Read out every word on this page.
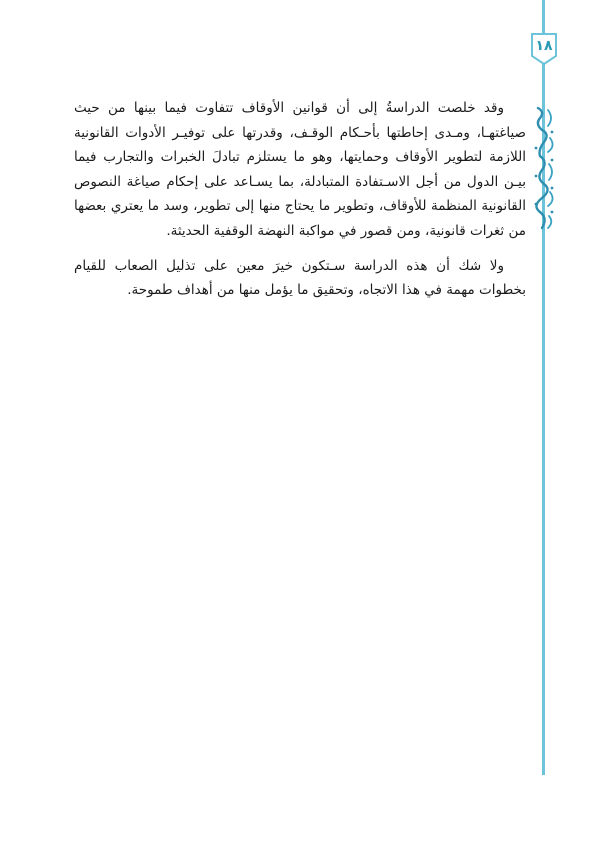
١٨

وقد خلصت الدراسةُ إلى أن قوانين الأوقاف تتفاوت فيما بينها من حيث صياغتهـا، ومـدى إحاطتها بأحـكام الوقـف، وقدرتها على توفيـر الأدوات القانونية اللازمة لتطوير الأوقاف وحمايتها، وهو ما يستلزم تبادلَ الخبرات والتجارب فيما بيـن الدول من أجل الاسـتفادة المتبادلة، بما يسـاعد على إحكام صياغة النصوص القانونية المنظمة للأوقاف، وتطوير ما يحتاج منها إلى تطوير، وسد ما يعتري بعضها من ثغرات قانونية، ومن قصور في مواكبة النهضة الوقفية الحديثة.

ولا شك أن هذه الدراسة سـتكون خيرَ معين على تذليل الصعاب للقيام بخطوات مهمة في هذا الاتجاه، وتحقيق ما يؤمل منها من أهداف طموحة.
